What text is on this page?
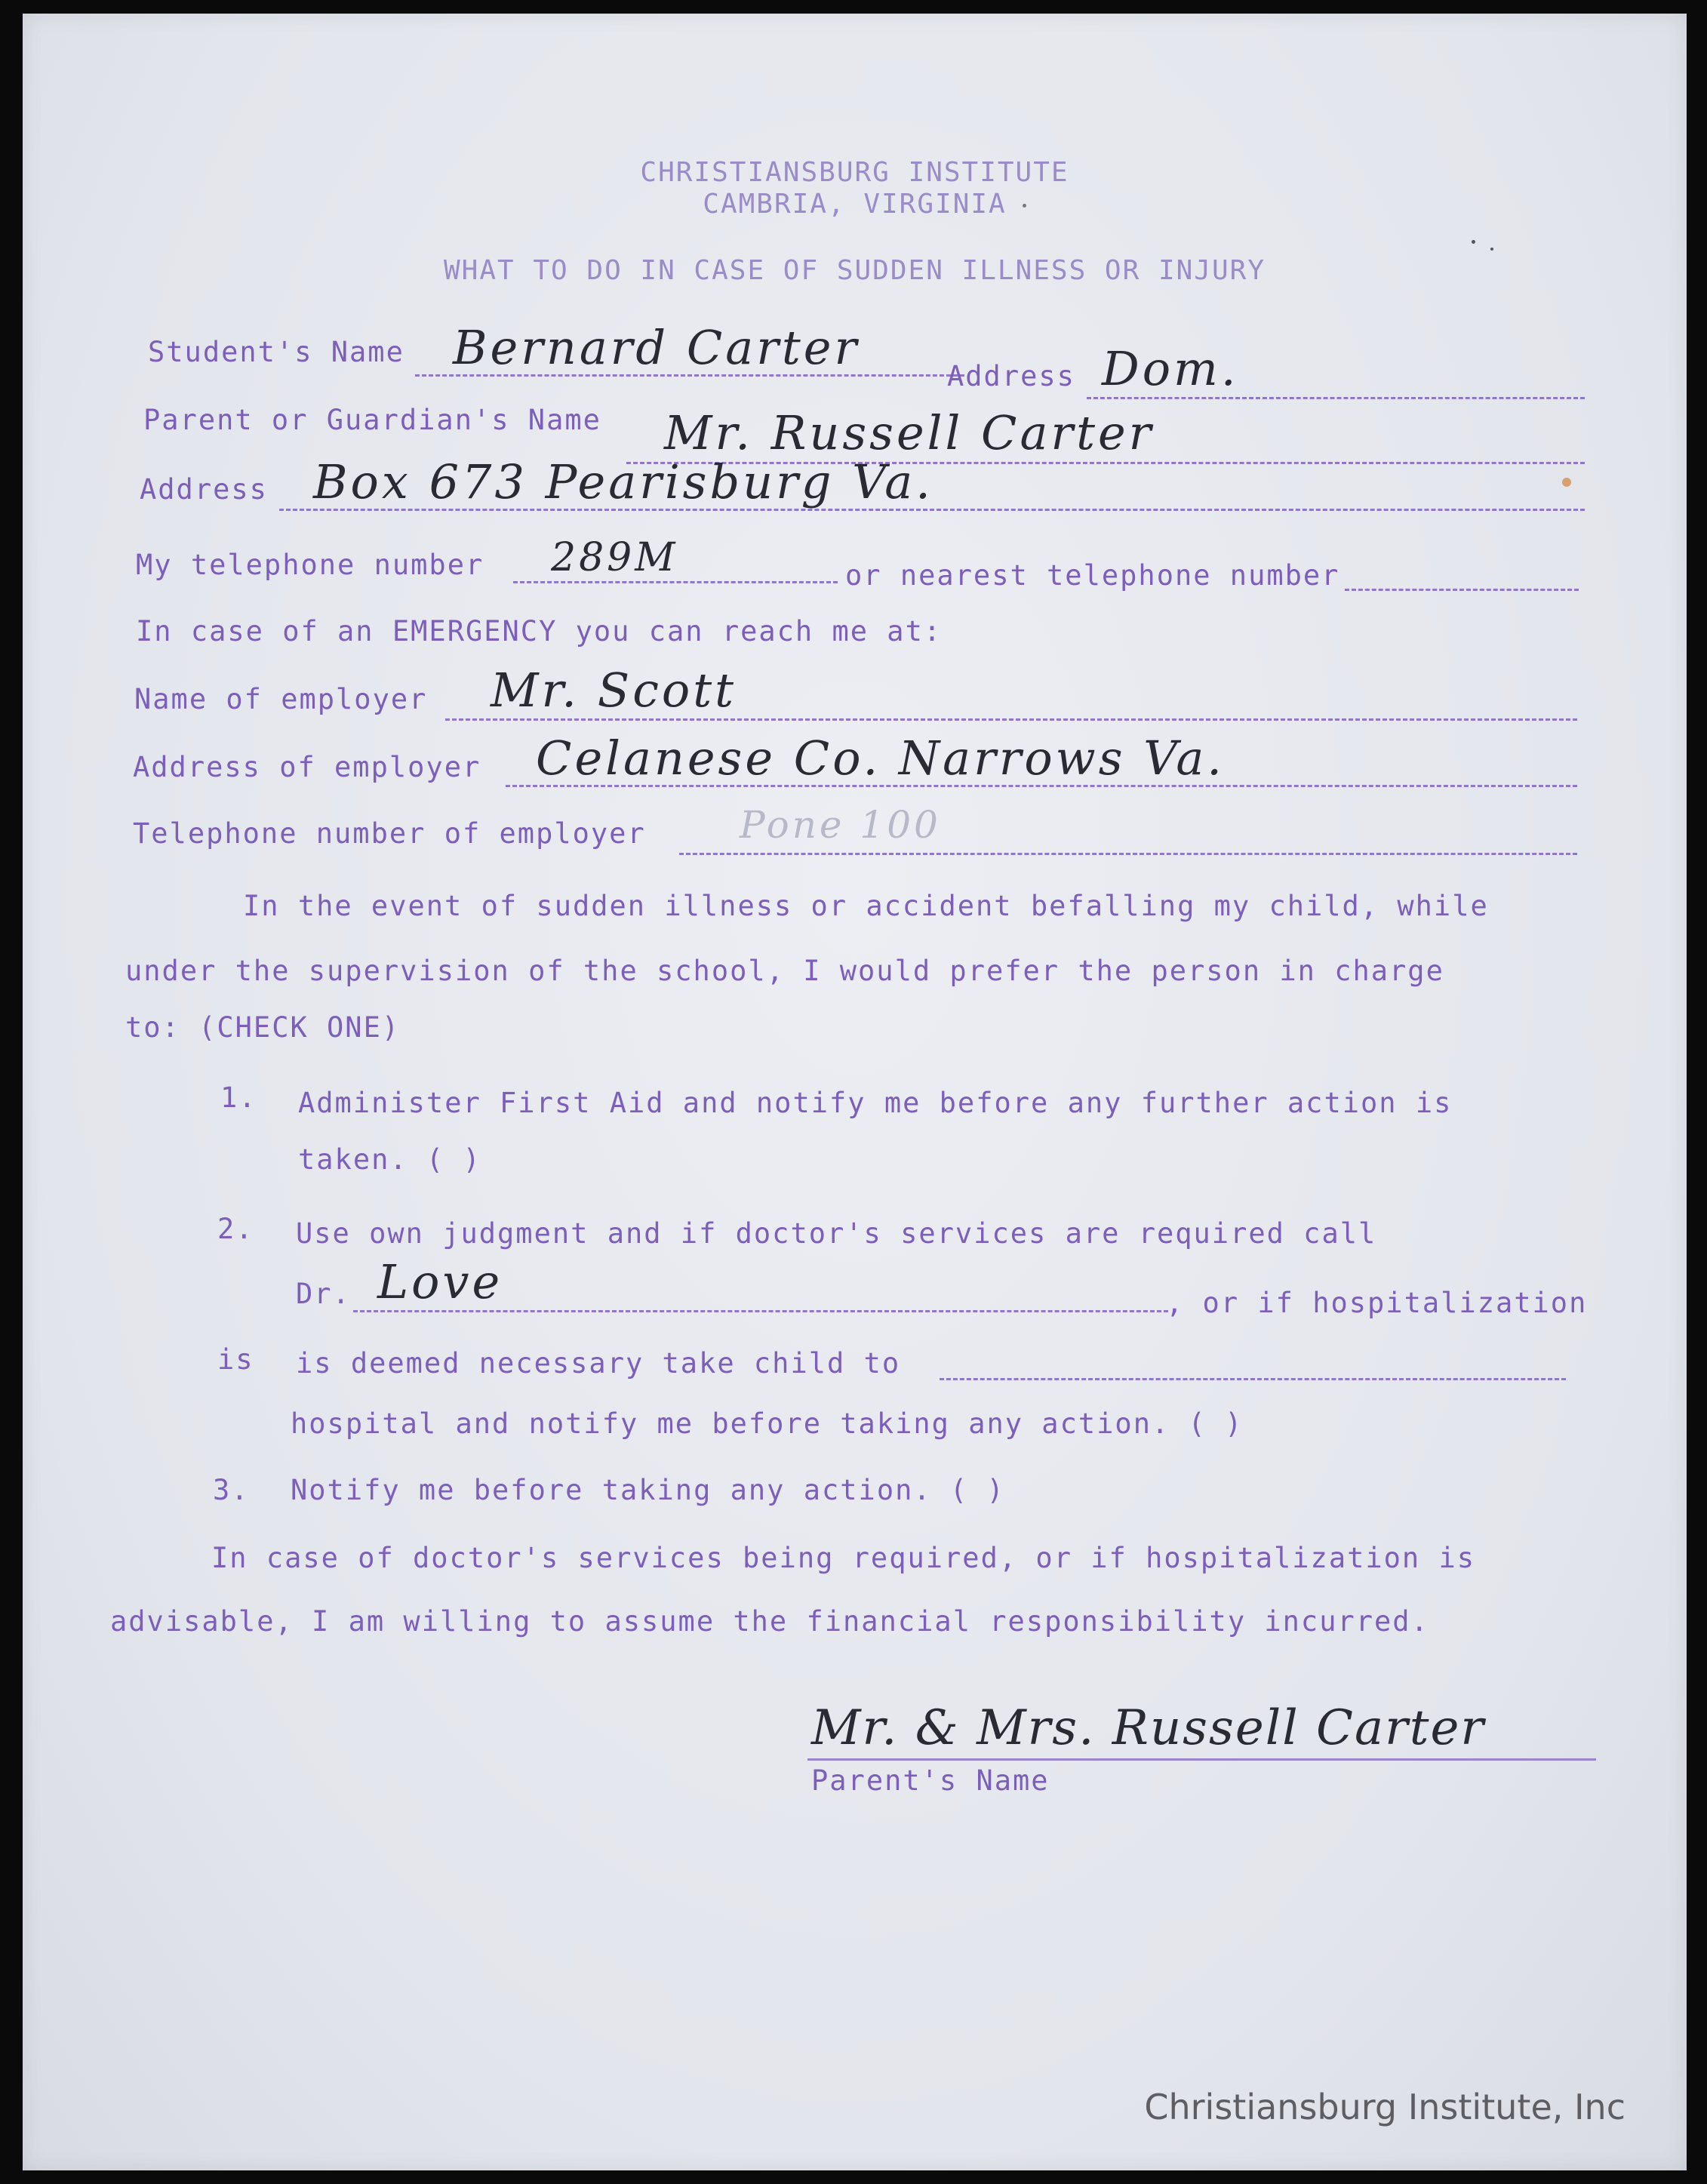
CHRISTIANSBURG INSTITUTE
CAMBRIA, VIRGINIA
WHAT TO DO IN CASE OF SUDDEN ILLNESS OR INJURY
Student's Name Bernard Carter
Address Dom.
Parent or Guardian's Name Mr. Russell Carter
Address Box 673 Pearisburg Va.
My telephone number 289M	or nearest telephone number
In case of an EMERGENCY you can reach me at:
Name of employer Mr. Scott
Address of employer Celanese Co. Narrows Va.
Telephone number of employer Pone 100
In the event of sudden illness or accident befalling my child, while
under the supervision of the school, I would prefer the person in charge
to: (CHECK ONE)
1. Administer First Aid and notify me before any further action is
taken. ( )
2. Use own judgment and if doctor's services are required call
Dr. Love	, or if hospitalization
is is deemed necessary take child to
hospital and notify me before taking any action. ( )
3. Notify me before taking any action. ( )
In case of doctor's services being required, or if hospitalization is
advisable, I am willing to assume the financial responsibility incurred.
Mr. & Mrs. Russell Carter
Parent's Name
Christiansburg Institute, Inc
